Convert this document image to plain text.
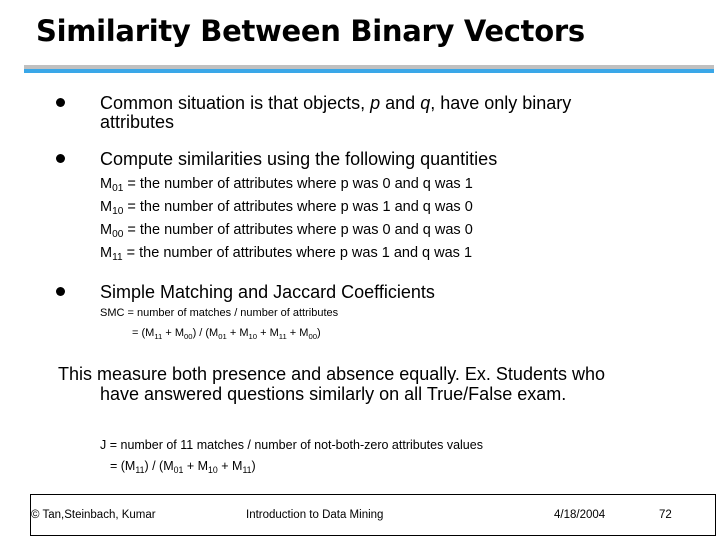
Similarity Between Binary Vectors
Common situation is that objects, p and q, have only binary
attributes
Compute similarities using the following quantities
$M_{01}$ = the number of attributes where p was 0 and q was 1
$M_{10}$ = the number of attributes where p was 1 and q was 0
$M_{00}$ = the number of attributes where p was 0 and q was 0
$M_{11}$ = the number of attributes where p was 1 and q was 1
Simple Matching and Jaccard Coefficients
SMC = number of matches / number of attributes
= $(M_{11} + M_{00}) / (M_{01} + M_{10} + M_{11} + M_{00})$
This measure both presence and absence equally. Ex. Students who
have answered questions similarly on all True/False exam.
J = number of 11 matches / number of not-both-zero attributes values
= $(M_{11}) / (M_{01} + M_{10} + M_{11})$
© Tan,Steinbach, Kumar	Introduction to Data Mining	4/18/2004	72
